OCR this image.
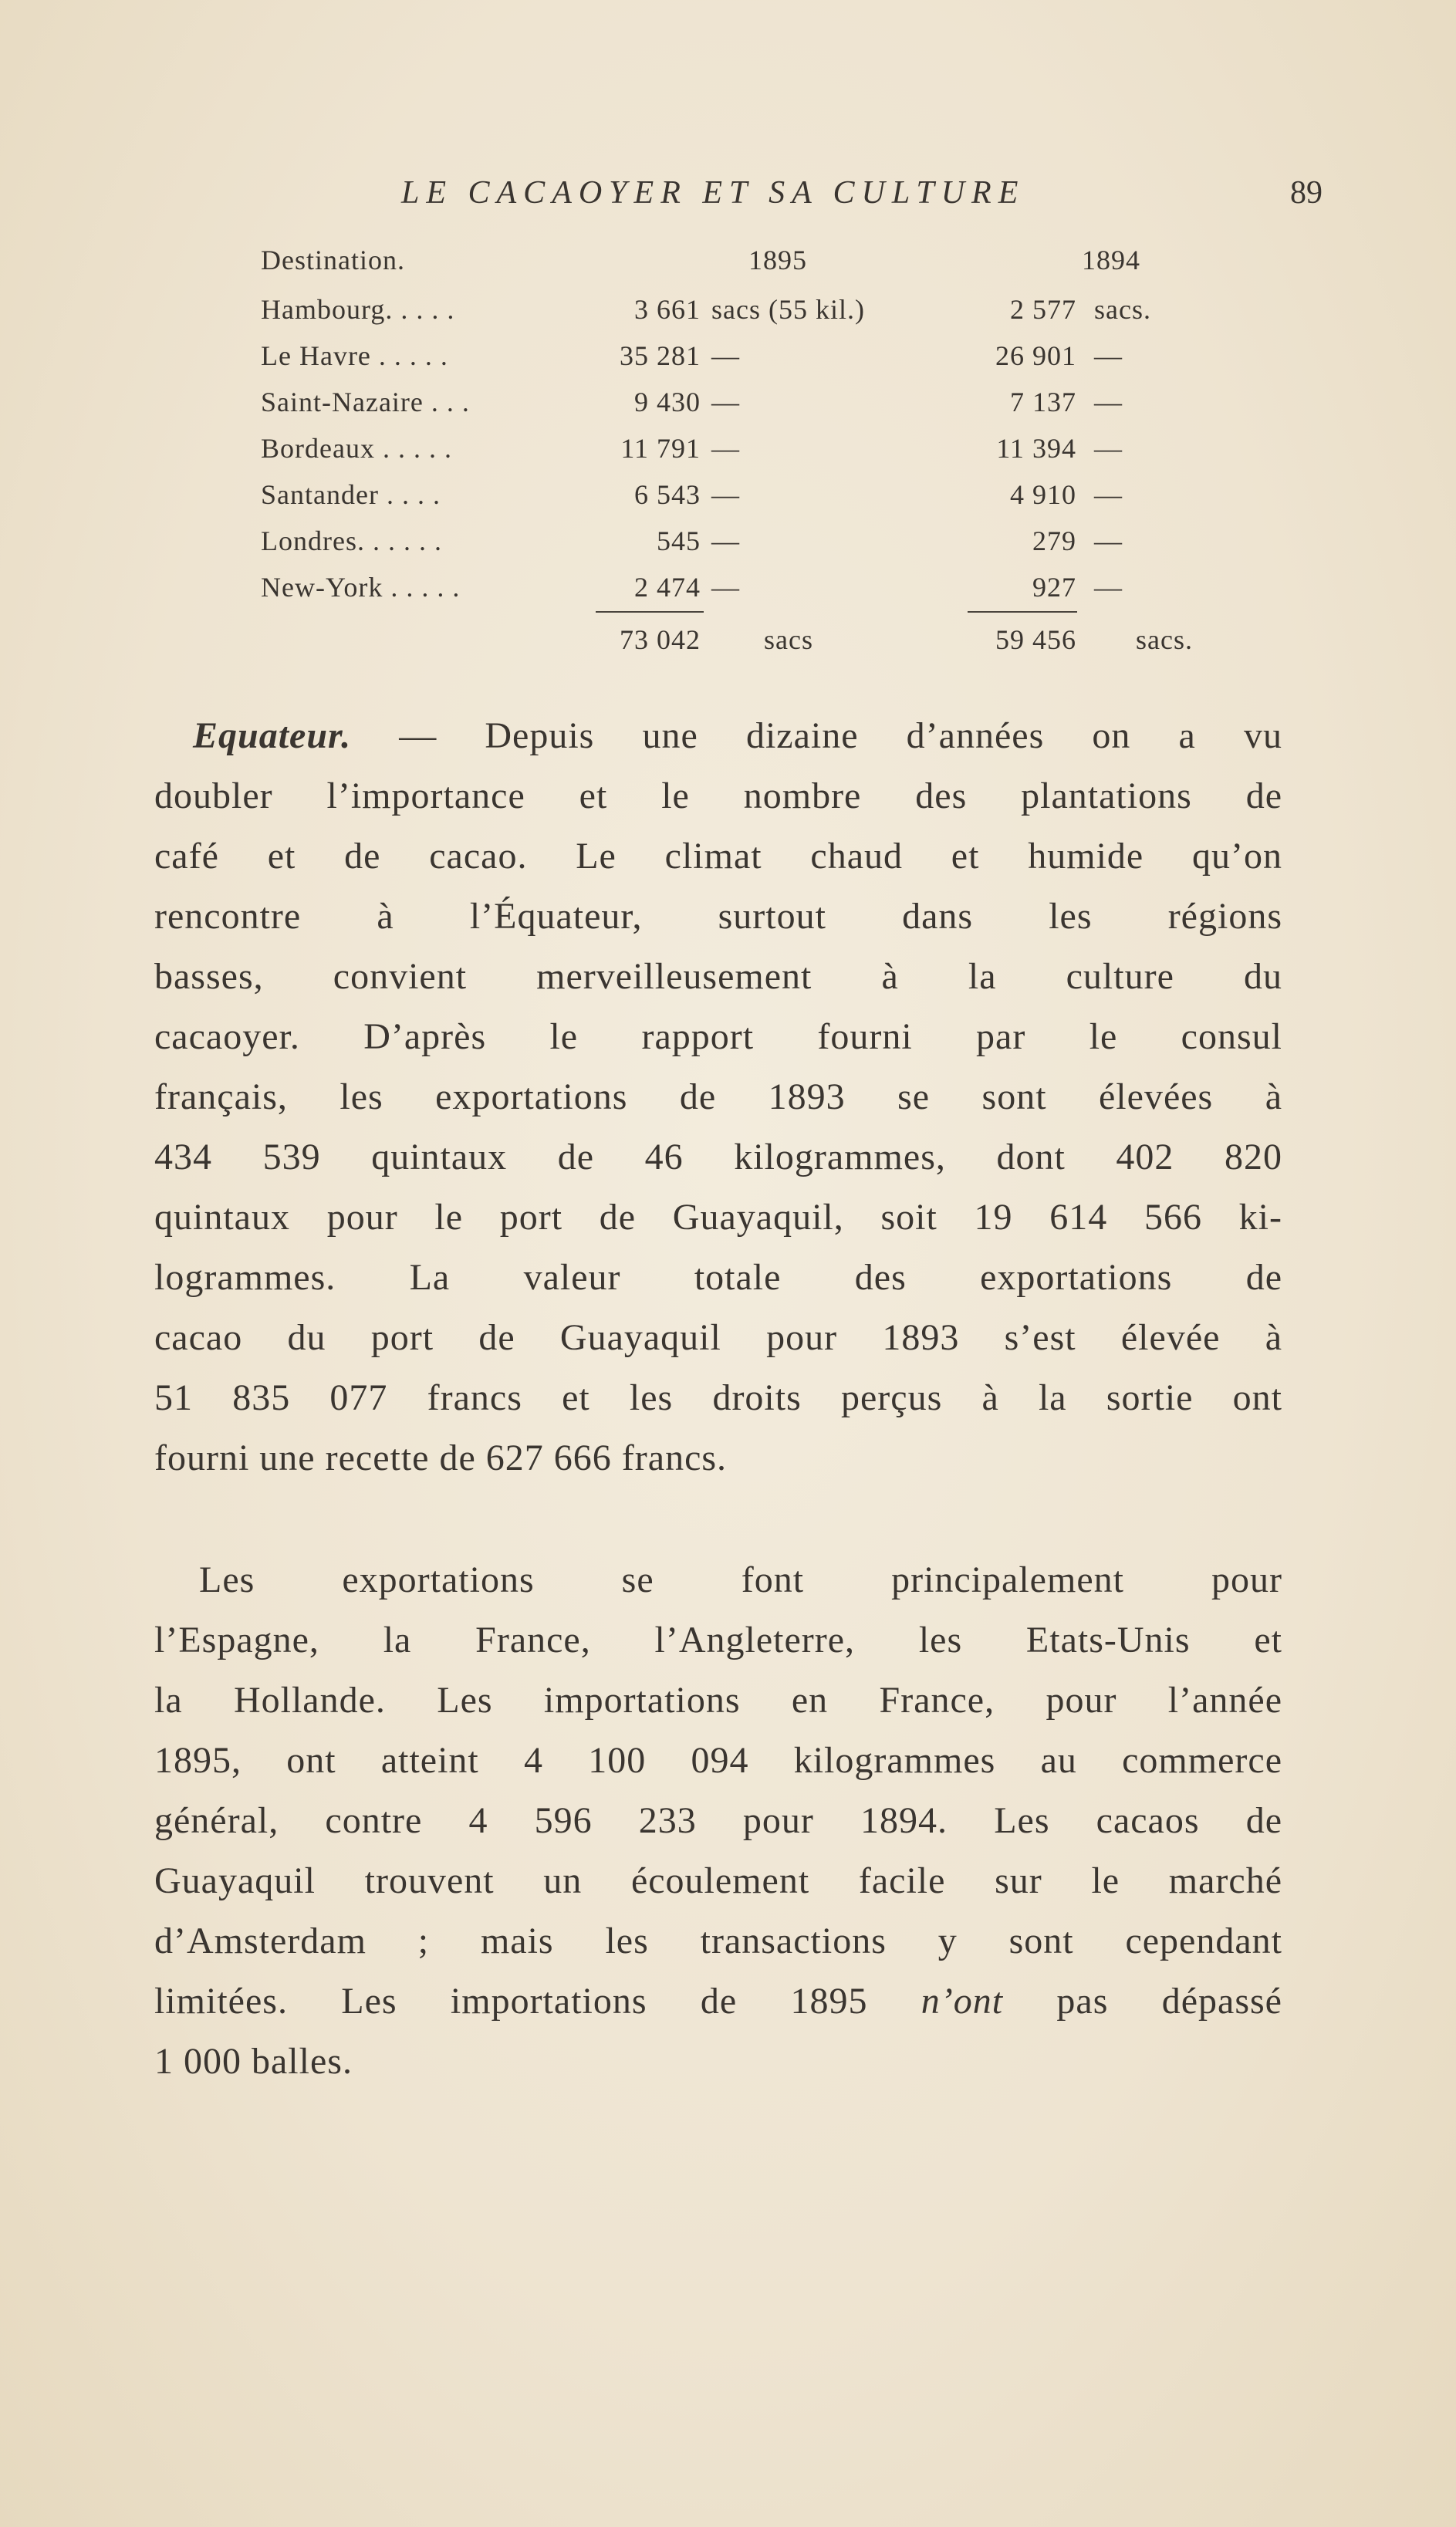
LE CACAOYER ET SA CULTURE	89
Destination.	1895	1894
Hambourg. . . . .	3 661 sacs (55 kil.)	2 577 sacs.
Le Havre . . . . .	35 281 —	26 901 —
Saint-Nazaire . . .	9 430 —	7 137 —
Bordeaux . . . . .	11 791 —	11 394 —
Santander . . . .	6 543 —	4 910 —
Londres. . . . . .	545 —	279 —
New-York . . . . .	2 474 —	927 —
73 042 sacs	59 456 sacs.
Equateur. — Depuis une dizaine d’années on a vu
doubler l’importance et le nombre des plantations de
café et de cacao. Le climat chaud et humide qu’on
rencontre à l’Équateur, surtout dans les régions
basses, convient merveilleusement à la culture du
cacaoyer. D’après le rapport fourni par le consul
français, les exportations de 1893 se sont élevées à
434 539 quintaux de 46 kilogrammes, dont 402 820
quintaux pour le port de Guayaquil, soit 19 614 566 ki-
logrammes. La valeur totale des exportations de
cacao du port de Guayaquil pour 1893 s’est élevée à
51 835 077 francs et les droits perçus à la sortie ont
fourni une recette de 627 666 francs.
Les exportations se font principalement pour
l’Espagne, la France, l’Angleterre, les Etats-Unis et
la Hollande. Les importations en France, pour l’année
1895, ont atteint 4 100 094 kilogrammes au commerce
général, contre 4 596 233 pour 1894. Les cacaos de
Guayaquil trouvent un écoulement facile sur le marché
d’Amsterdam ; mais les transactions y sont cependant
limitées. Les importations de 1895 n’ont pas dépassé
1 000 balles.
